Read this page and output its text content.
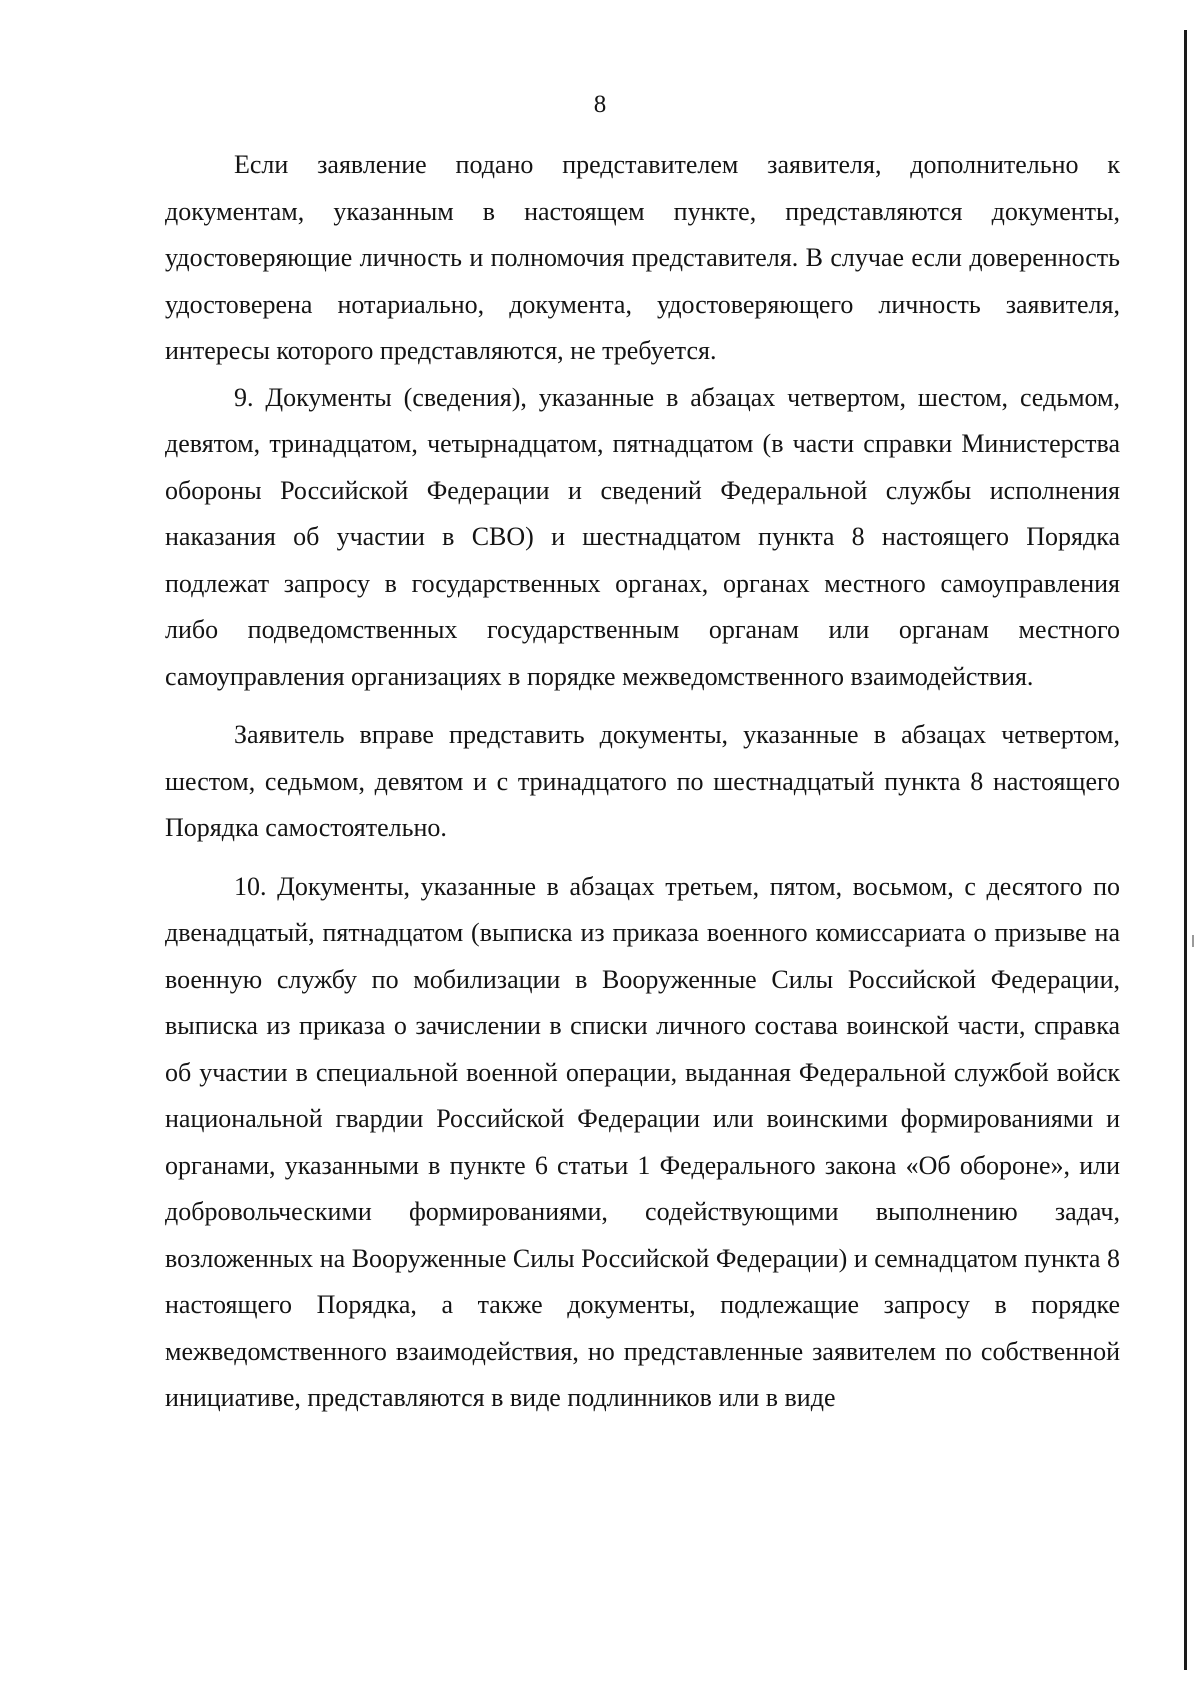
8

Если заявление подано представителем заявителя, дополнительно к документам, указанным в настоящем пункте, представляются документы, удостоверяющие личность и полномочия представителя. В случае если доверенность удостоверена нотариально, документа, удостоверяющего личность заявителя, интересы которого представляются, не требуется.

9. Документы (сведения), указанные в абзацах четвертом, шестом, седьмом, девятом, тринадцатом, четырнадцатом, пятнадцатом (в части справки Министерства обороны Российской Федерации и сведений Федеральной службы исполнения наказания об участии в СВО) и шестнадцатом пункта 8 настоящего Порядка подлежат запросу в государственных органах, органах местного самоуправления либо подведомственных государственным органам или органам местного самоуправления организациях в порядке межведомственного взаимодействия.

Заявитель вправе представить документы, указанные в абзацах четвертом, шестом, седьмом, девятом и с тринадцатого по шестнадцатый пункта 8 настоящего Порядка самостоятельно.

10. Документы, указанные в абзацах третьем, пятом, восьмом, с десятого по двенадцатый, пятнадцатом (выписка из приказа военного комиссариата о призыве на военную службу по мобилизации в Вооруженные Силы Российской Федерации, выписка из приказа о зачислении в списки личного состава воинской части, справка об участии в специальной военной операции, выданная Федеральной службой войск национальной гвардии Российской Федерации или воинскими формированиями и органами, указанными в пункте 6 статьи 1 Федерального закона «Об обороне», или добровольческими формированиями, содействующими выполнению задач, возложенных на Вооруженные Силы Российской Федерации) и семнадцатом пункта 8 настоящего Порядка, а также документы, подлежащие запросу в порядке межведомственного взаимодействия, но представленные заявителем по собственной инициативе, представляются в виде подлинников или в виде
